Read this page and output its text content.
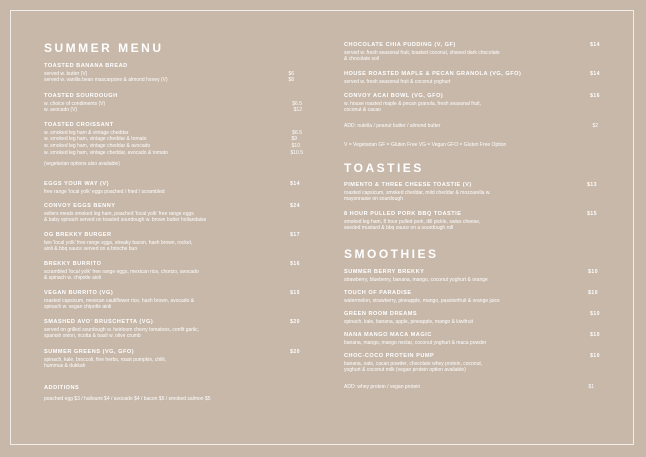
SUMMER MENU
TOASTED BANANA BREAD
served w. butter (V)	$6
served w. vanilla bean mascarpone & almond honey (V)	$8
TOASTED SOURDOUGH
w. choice of condiments (V)	$6.5
w. avocado (V)	$12
TOASTED CROISSANT
w. smoked leg ham & vintage cheddar	$6.5
w. smoked leg ham, vintage cheddar & tomato	$9
w. smoked leg ham, vintage cheddar & avocado	$10
w. smoked leg ham, vintage cheddar, avocado & tomato	$10.5
(vegetarian options also available)
EGGS YOUR WAY (V)	$14
free range 'local yolk' eggs poached / fried / scrambled
CONVOY EGGS BENNY	$24
sellers meats smoked leg ham, poached 'local yolk' free range eggs
& baby spinach served on toasted sourdough w. brown butter hollandaise
OG BREKKY BURGER	$17
two 'local yolk' free range eggs, streaky bacon, hash brown, rocket,
aioli & bbq sauce served on a brioche bun
BREKKY BURRITO	$16
scrambled 'local yolk' free range eggs, mexican rice, chorizo, avocado
& spinach w. chipotle aioli
VEGAN BURRITO (VG)	$15
roasted capsicum, mexican cauliflower rice, hash brown, avocado &
spinach w. vegan chipotle aioli
SMASHED AVO' BRUSCHETTA (VG)	$20
served on grilled sourdough w. heirloom cherry tomatoes, confit garlic,
spanish onion, ricotta & basil w. olive crumb
SUMMER GREENS (VG, GFO)	$20
spinach, kale, broccoli, fine herbs, roast pumpkin, chilli,
hummus & dukkah
ADDITIONS
poached egg $3 / halloumi $4 / avocado $4 / bacon $5 / smoked salmon $5
CHOCOLATE CHIA PUDDING (V, GF)	$14
served w. fresh seasonal fruit, toasted coconut, shaved dark chocolate
& chocolate soil
HOUSE ROASTED MAPLE & PECAN GRANOLA (VG, GFO)	$14
served w. fresh seasonal fruit & coconut yoghurt
CONVOY ACAI BOWL (VG, GFO)	$16
w. house roasted maple & pecan granola, fresh seasonal fruit,
coconut & cacao
ADD: nutella / peanut butter / almond butter	$2
V = Vegetarian GF = Gluten Free VG = Vegan GFO = Gluten Free Option
TOASTIES
PIMENTO & THREE CHEESE TOASTIE (V)	$13
roasted capsicum, smoked cheddar, mild cheddar & mozzarella w.
mayonnaise on sourdough
8 HOUR PULLED PORK BBQ TOASTIE	$15
smoked leg ham, 8 hour pulled pork, dill pickle, swiss cheese,
seeded mustard & bbq sauce on a sourdough roll
SMOOTHIES
SUMMER BERRY BREKKY	$10
strawberry, blueberry, banana, mango, coconut yoghurt & orange
TOUCH OF PARADISE	$10
watermelon, strawberry, pineapple, mango, passionfruit & orange juice
GREEN ROOM DREAMS	$10
spinach, kale, banana, apple, pineapple, mango & kiwifruit
NANA MANGO MACA MAGIC	$10
banana, mango, mango nectar, coconut yoghurt & maca powder
CHOC-COCO PROTEIN PUMP	$10
banana, oats, cacao powder, chocolate whey protein, coconut,
yoghurt & coconut milk (vegan protein option available)
ADD: whey protein / vegan protein	$1
